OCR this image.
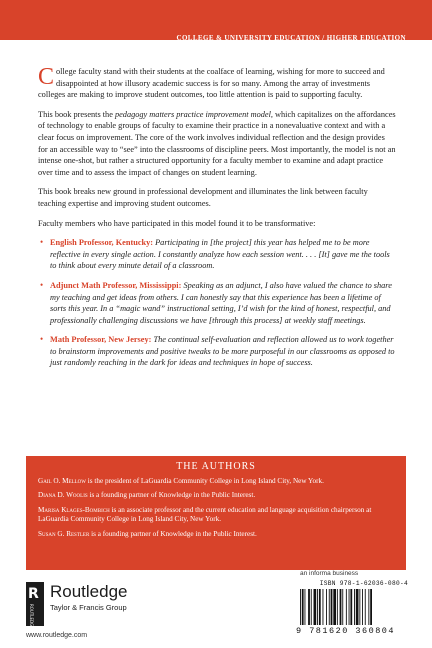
COLLEGE & UNIVERSITY EDUCATION / HIGHER EDUCATION

College faculty stand with their students at the coalface of learning, wishing for more to succeed and disappointed at how illusory academic success is for so many. Among the array of investments colleges are making to improve student outcomes, too little attention is paid to supporting faculty.

This book presents the pedagogy matters practice improvement model, which capitalizes on the affordances of technology to enable groups of faculty to examine their practice in a nonevaluative context and with a clear focus on improvement. The core of the work involves individual reflection and the design provides for an accessible way to “see” into the classrooms of discipline peers. Most importantly, the model is not an intense one-shot, but rather a structured opportunity for a faculty member to examine and adapt practice over time and to assess the impact of changes on student learning.

This book breaks new ground in professional development and illuminates the link between faculty teaching expertise and improving student outcomes.

Faculty members who have participated in this model found it to be transformative:

• English Professor, Kentucky: Participating in [the project] this year has helped me to be more reflective in every single action. I constantly analyze how each session went. . . . [It] gave me the tools to think about every minute detail of a classroom.
• Adjunct Math Professor, Mississippi: Speaking as an adjunct, I also have valued the chance to share my teaching and get ideas from others. I can honestly say that this experience has been a lifetime of sorts this year. In a “magic wand” instructional setting, I’d wish for the kind of honest, respectful, and professionally challenging discussions we have [through this process] at weekly staff meetings.
• Math Professor, New Jersey: The continual self-evaluation and reflection allowed us to work together to brainstorm improvements and positive tweaks to be more purposeful in our classrooms as opposed to just randomly reaching in the dark for ideas and techniques in hope of success.
THE AUTHORS

Gail O. Mellow is the president of LaGuardia Community College in Long Island City, New York.

Diana D. Woolis is a founding partner of Knowledge in the Public Interest.

Marisa Klages-Bombich is an associate professor and the current education and language acquisition chairperson at LaGuardia Community College in Long Island City, New York.

Susan G. Restler is a founding partner of Knowledge in the Public Interest.

R
ROUTLEDGE
Routledge
Taylor & Francis Group
www.routledge.com
an informa business
ISBN 978-1-62036-080-4
9 781620 360804
